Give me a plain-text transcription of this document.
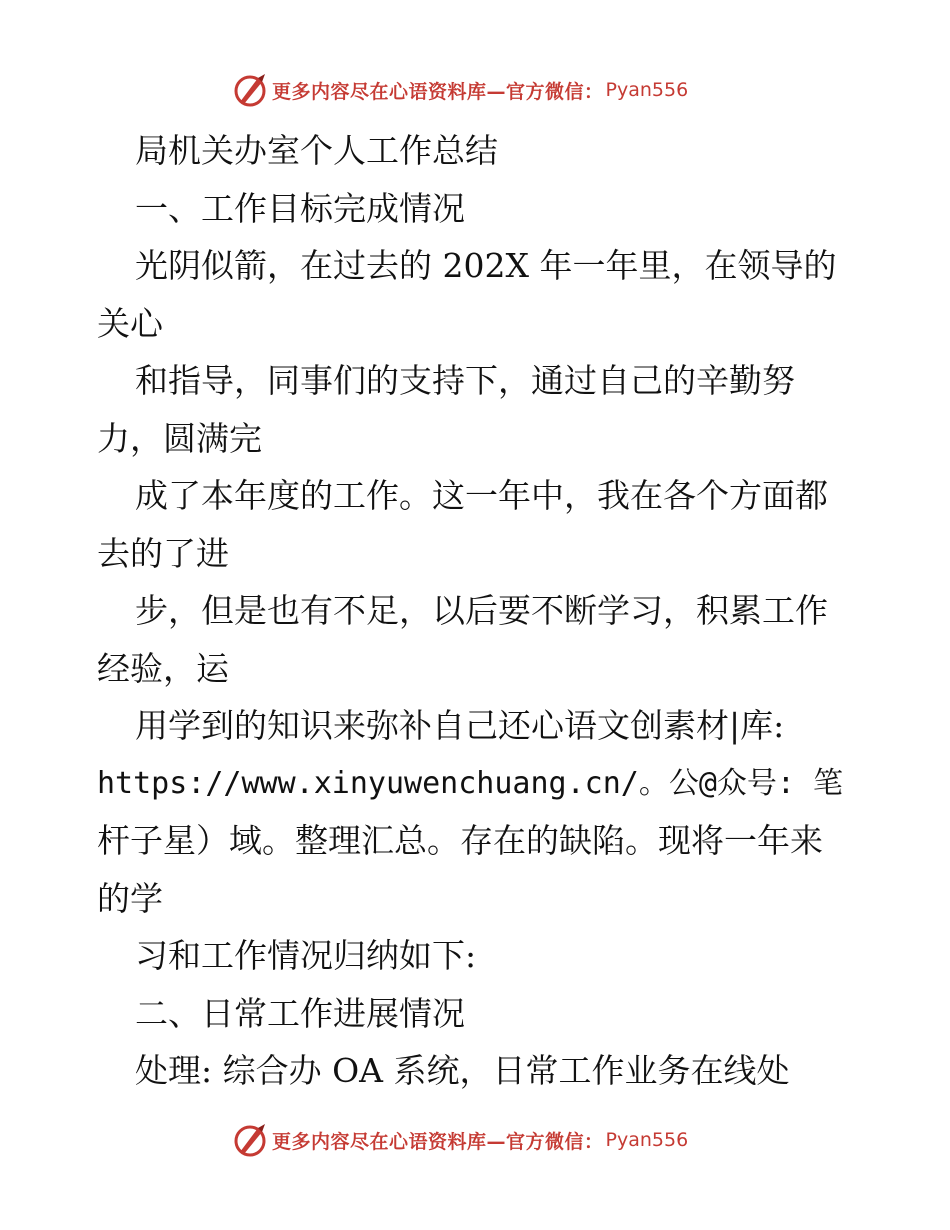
更多内容尽在心语资料库—官方微信： Pyan556
局机关办室个人工作总结
一、工作目标完成情况
光阴似箭，在过去的 202X 年一年里，在领导的
关心
和指导，同事们的支持下，通过自己的辛勤努
力，圆满完
成了本年度的工作。这一年中，我在各个方面都
去的了进
步，但是也有不足，以后要不断学习，积累工作
经验，运
用学到的知识来弥补自己还心语文创素材|库:
https://www.xinyuwenchuang.cn/。公@众号: 笔
杆子星）域。整理汇总。存在的缺陷。现将一年来
的学
习和工作情况归纳如下:
二、日常工作进展情况
处理: 综合办 OA 系统，日常工作业务在线处
更多内容尽在心语资料库—官方微信： Pyan556
